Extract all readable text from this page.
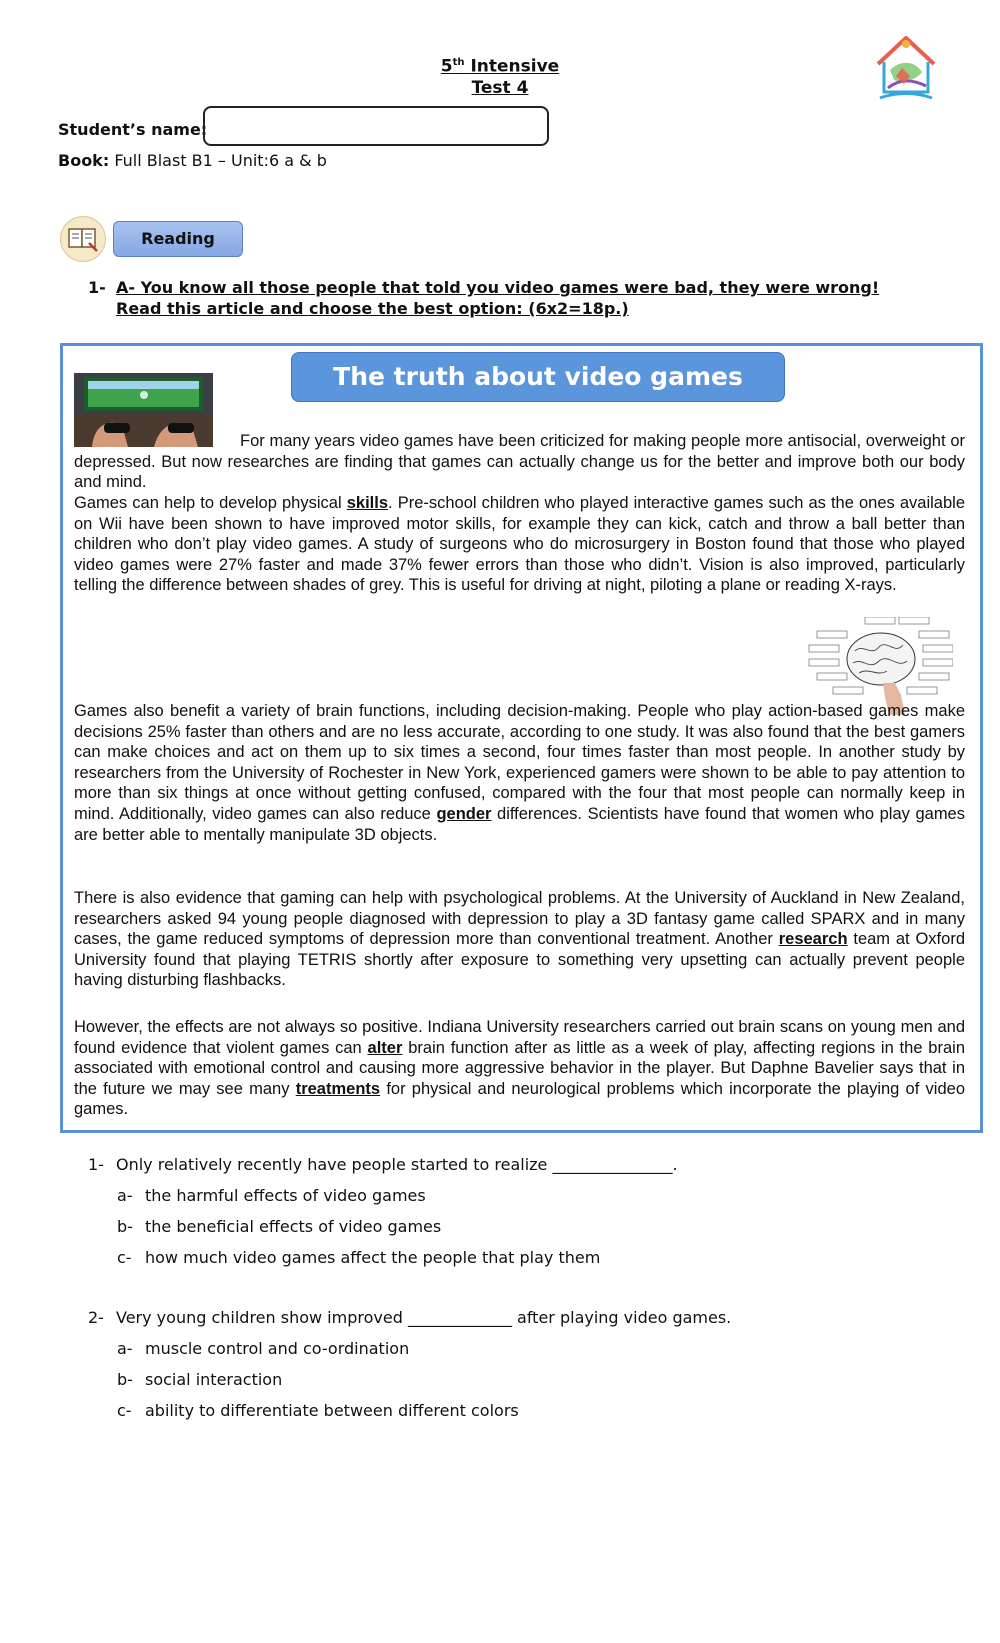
5th Intensive
Test 4
Student’s name:
Book: Full Blast B1 – Unit:6 a & b
Reading
1- A- You know all those people that told you video games were bad, they were wrong! Read this article and choose the best option: (6x2=18p.)
The truth about video games

For many years video games have been criticized for making people more antisocial, overweight or depressed. But now researches are finding that games can actually change us for the better and improve both our body and mind.

Games can help to develop physical skills. Pre-school children who played interactive games such as the ones available on Wii have been shown to have improved motor skills, for example they can kick, catch and throw a ball better than children who don’t play video games. A study of surgeons who do microsurgery in Boston found that those who played video games were 27% faster and made 37% fewer errors than those who didn’t. Vision is also improved, particularly telling the difference between shades of grey. This is useful for driving at night, piloting a plane or reading X-rays.

Games also benefit a variety of brain functions, including decision-making. People who play action-based games make decisions 25% faster than others and are no less accurate, according to one study. It was also found that the best gamers can make choices and act on them up to six times a second, four times faster than most people. In another study by researchers from the University of Rochester in New York, experienced gamers were shown to be able to pay attention to more than six things at once without getting confused, compared with the four that most people can normally keep in mind. Additionally, video games can also reduce gender differences. Scientists have found that women who play games are better able to mentally manipulate 3D objects.

There is also evidence that gaming can help with psychological problems. At the University of Auckland in New Zealand, researchers asked 94 young people diagnosed with depression to play a 3D fantasy game called SPARX and in many cases, the game reduced symptoms of depression more than conventional treatment. Another research team at Oxford University found that playing TETRIS shortly after exposure to something very upsetting can actually prevent people having disturbing flashbacks.

However, the effects are not always so positive. Indiana University researchers carried out brain scans on young men and found evidence that violent games can alter brain function after as little as a week of play, affecting regions in the brain associated with emotional control and causing more aggressive behavior in the player. But Daphne Bavelier says that in the future we may see many treatments for physical and neurological problems which incorporate the playing of video games.

1- Only relatively recently have people started to realize _______________.
a- the harmful effects of video games
b- the beneficial effects of video games
c- how much video games affect the people that play them
2- Very young children show improved _____________ after playing video games.
a- muscle control and co-ordination
b- social interaction
c- ability to differentiate between different colors
